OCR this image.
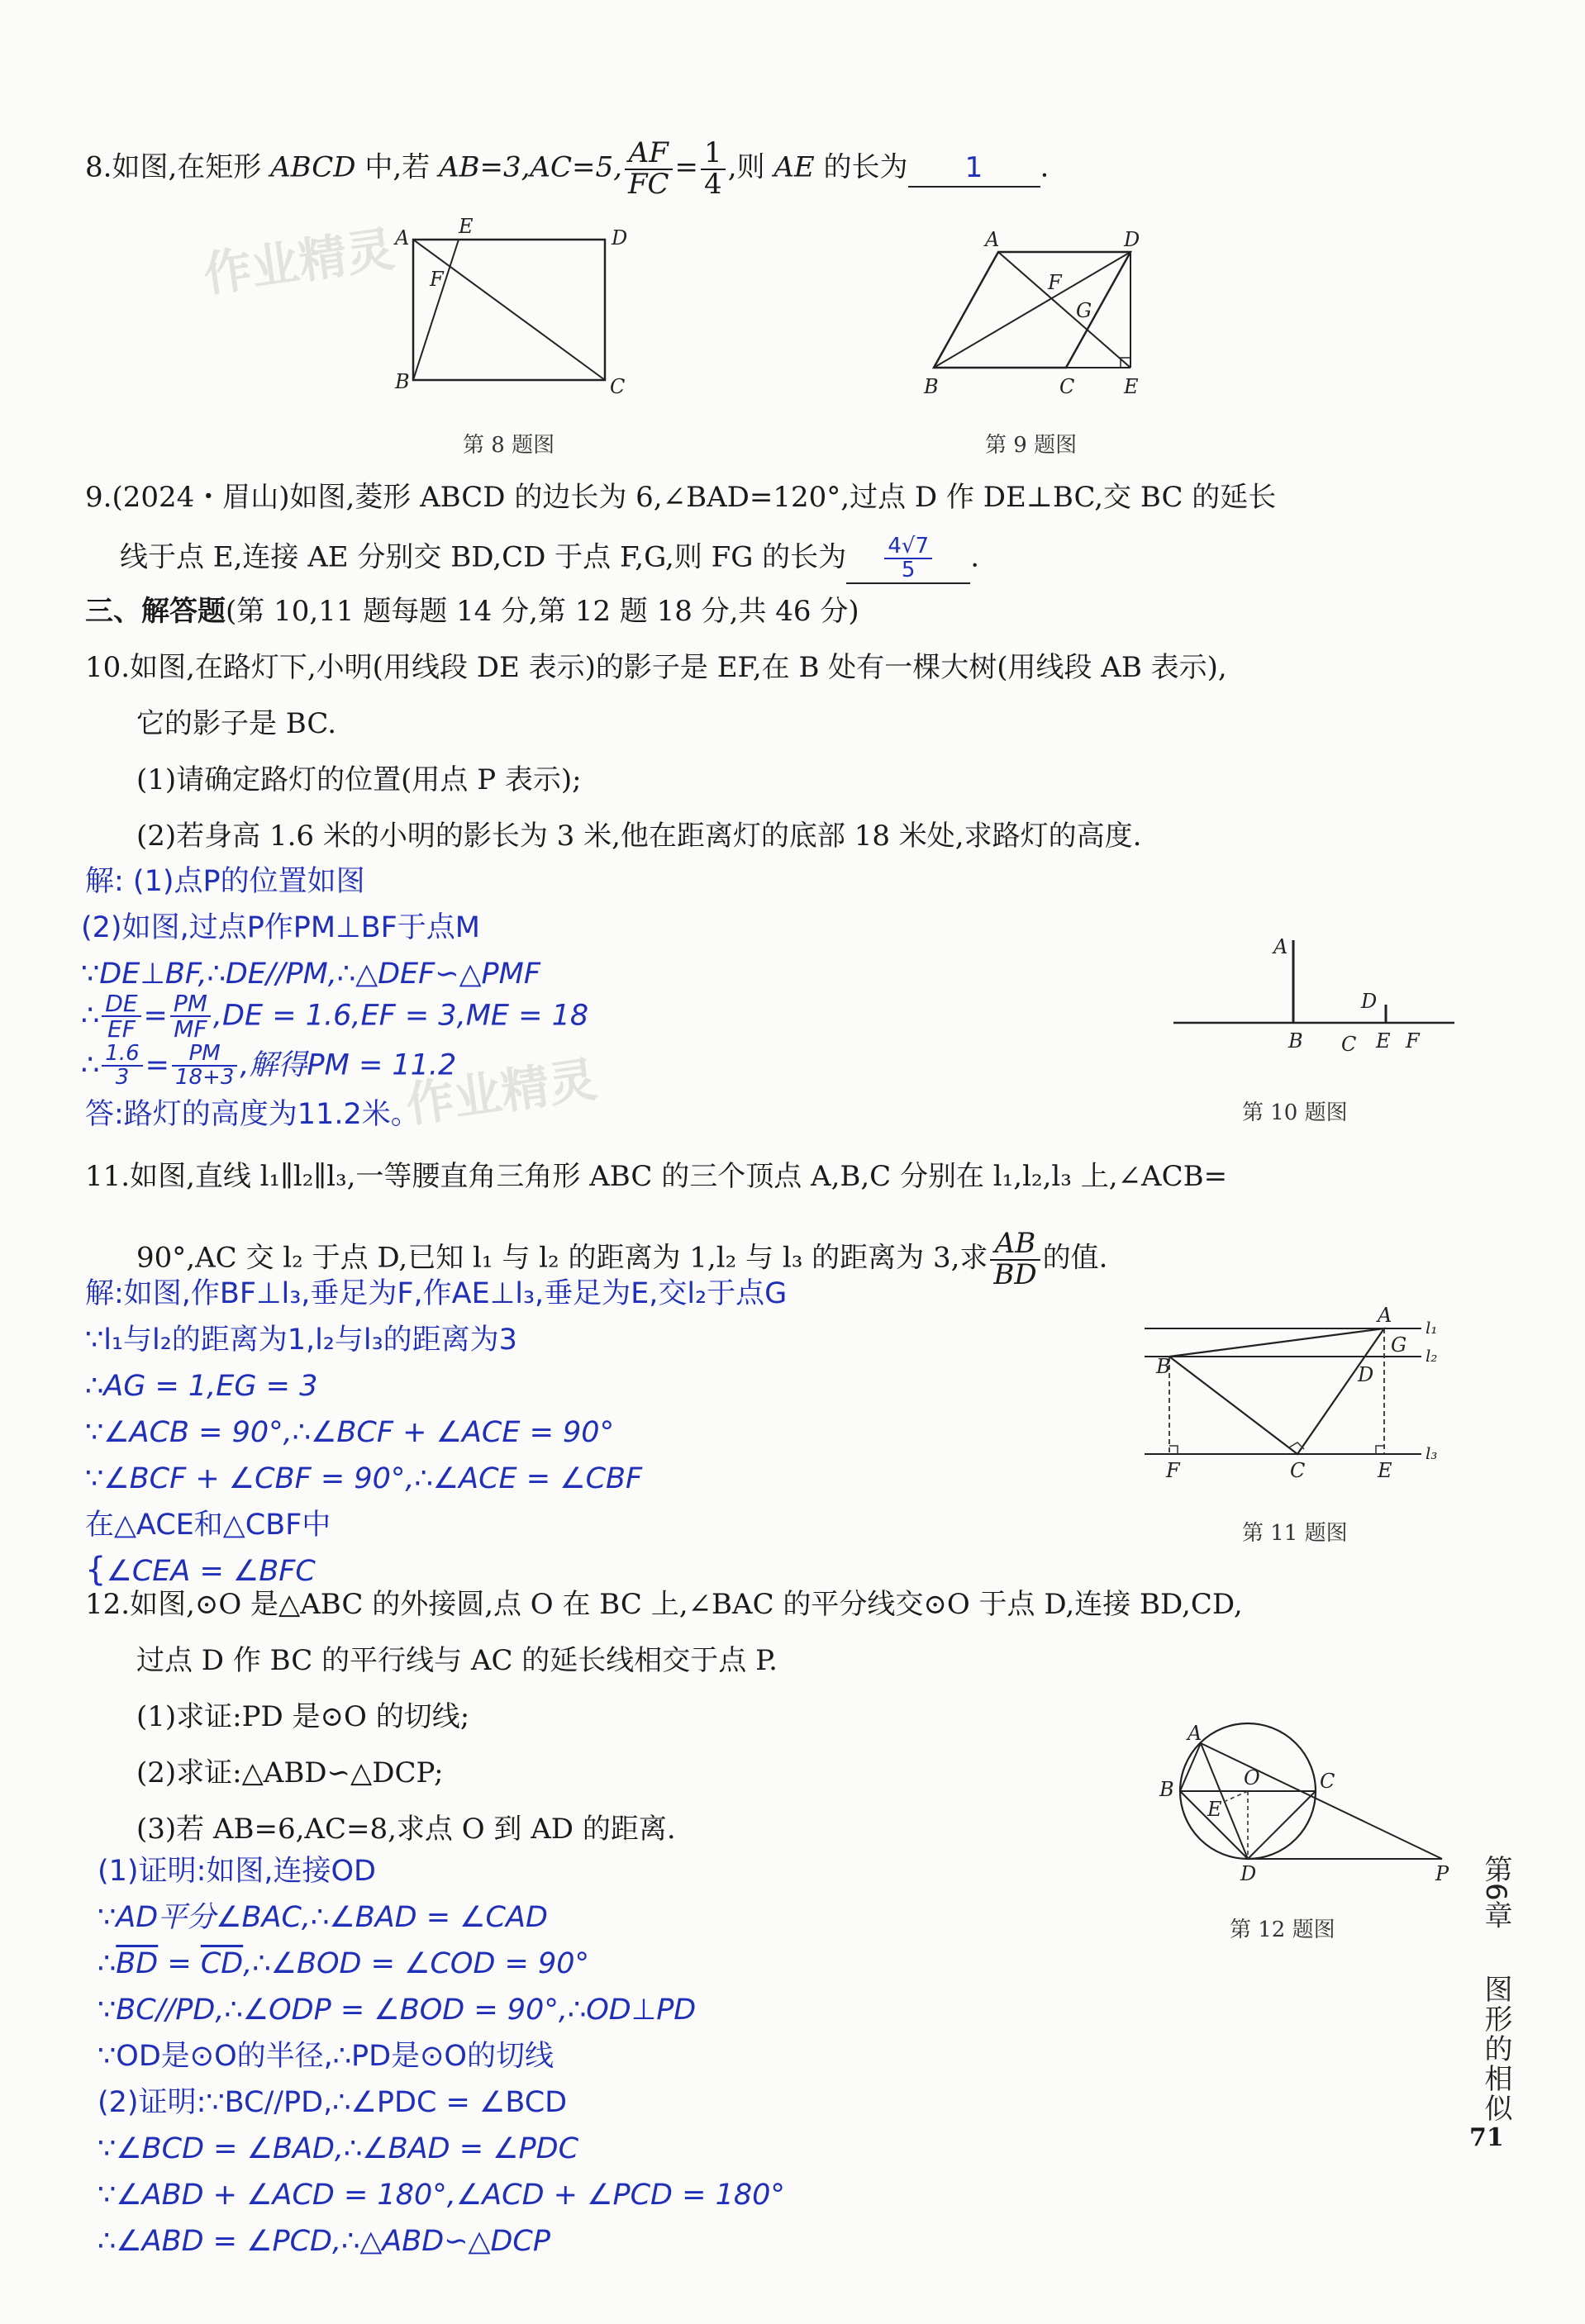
作业精灵
作业精灵
8.如图,在矩形 ABCD 中,若 AB=3,AC=5, $\frac{AF}{FC} = \frac{1}{4}$ ,则 AE 的长为 1 .
A E	D
F
B	C
第 8 题图
A	D
F
G
B	C E
第 9 题图
9.(2024・眉山)如图,菱形 ABCD 的边长为 6,∠BAD=120°,过点 D 作 DE⊥BC,交 BC 的延长
线于点 E,连接 AE 分别交 BD,CD 于点 F,G,则 FG 的长为 $\frac{4√7}{5}$ .
三、解答题(第 10,11 题每题 14 分,第 12 题 18 分,共 46 分)
10.如图,在路灯下,小明(用线段 DE 表示)的影子是 EF,在 B 处有一棵大树(用线段 AB 表示),
它的影子是 BC.
(1)请确定路灯的位置(用点 P 表示);
(2)若身高 1.6 米的小明的影长为 3 米,他在距离灯的底部 18 米处,求路灯的高度.
解: (1)点P的位置如图
(2)如图,过点P作PM⊥BF于点M
∵DE⊥BF,∴DE//PM,∴△DEF∽△PMF
∴ $\frac{DE}{EF} = \frac{PM}{MF} ,DE = 1.6,EF = 3,ME = 18$
∴ $\frac{1.6}{3} = \frac{PM}{18+3}$ ,解得PM = 11.2
答:路灯的高度为11.2米。
A
D
B C E F
第 10 题图
11.如图,直线 l₁∥l₂∥l₃,一等腰直角三角形 ABC 的三个顶点 A,B,C 分别在 l₁,l₂,l₃ 上,∠ACB=
90°,AC 交 l₂ 于点 D,已知 l₁ 与 l₂ 的距离为 1,l₂ 与 l₃ 的距离为 3,求 $\frac{AB}{BD}$ 的值.
解:如图,作BF⊥l₃,垂足为F,作AE⊥l₃,垂足为E,交l₂于点G
∵l₁与l₂的距离为1,l₂与l₃的距离为3
∴AG = 1,EG = 3
∵∠ACB = 90°,∴∠BCF + ∠ACE = 90°
∵∠BCF + ∠CBF = 90°,∴∠ACE = ∠CBF
在△ACE和△CBF中
{∠CEA = ∠BFC
A
l₁
G l₂
B	D
F	C	E
l₃
第 11 题图
12.如图,⊙O 是△ABC 的外接圆,点 O 在 BC 上,∠BAC 的平分线交⊙O 于点 D,连接 BD,CD,
过点 D 作 BC 的平行线与 AC 的延长线相交于点 P.
(1)求证:PD 是⊙O 的切线;
(2)求证:△ABD∽△DCP;
(3)若 AB=6,AC=8,求点 O 到 AD 的距离.
(1)证明:如图,连接OD
∵AD平分∠BAC,∴∠BAD = ∠CAD
$\therefore\overline{BD}$ = $\overline{CD},\therefore\angle BOD$ = ∠COD = 90°
∵BC//PD,∴∠ODP = ∠BOD = 90°,∴OD⊥PD
∵OD是⊙O的半径,∴PD是⊙O的切线
(2)证明:∵BC//PD,∴∠PDC = ∠BCD
∵∠BCD = ∠BAD,∴∠BAD = ∠PDC
∵∠ABD + ∠ACD = 180°,∠ACD + ∠PCD = 180°
∴∠ABD = ∠PCD,∴△ABD∽△DCP
A
O
B	C
E
D	P
第 12 题图
第6章
图形的相似
71
